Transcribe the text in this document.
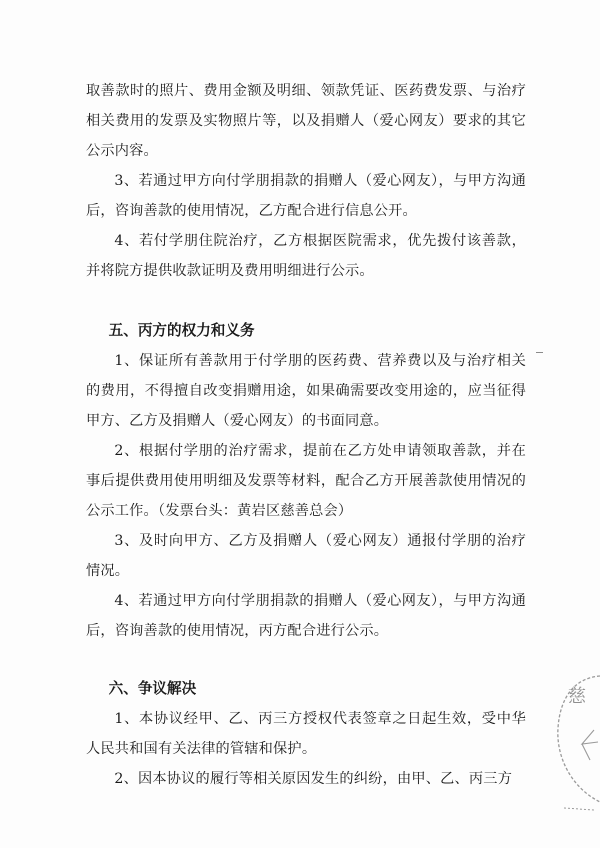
取善款时的照片、费用金额及明细、领款凭证、医药费发票、与治疗相关费用的发票及实物照片等，以及捐赠人（爱心网友）要求的其它公示内容。

3、若通过甲方向付学朋捐款的捐赠人（爱心网友），与甲方沟通后，咨询善款的使用情况，乙方配合进行信息公开。

4、若付学朋住院治疗，乙方根据医院需求，优先拨付该善款，并将院方提供收款证明及费用明细进行公示。

五、丙方的权力和义务

1、保证所有善款用于付学朋的医药费、营养费以及与治疗相关的费用，不得擅自改变捐赠用途，如果确需要改变用途的，应当征得甲方、乙方及捐赠人（爱心网友）的书面同意。

2、根据付学朋的治疗需求，提前在乙方处申请领取善款，并在事后提供费用使用明细及发票等材料，配合乙方开展善款使用情况的公示工作。（发票台头：黄岩区慈善总会）

3、及时向甲方、乙方及捐赠人（爱心网友）通报付学朋的治疗情况。

4、若通过甲方向付学朋捐款的捐赠人（爱心网友），与甲方沟通后，咨询善款的使用情况，丙方配合进行公示。

六、争议解决

1、本协议经甲、乙、丙三方授权代表签章之日起生效，受中华人民共和国有关法律的管辖和保护。

2、因本协议的履行等相关原因发生的纠纷，由甲、乙、丙三方

慈
